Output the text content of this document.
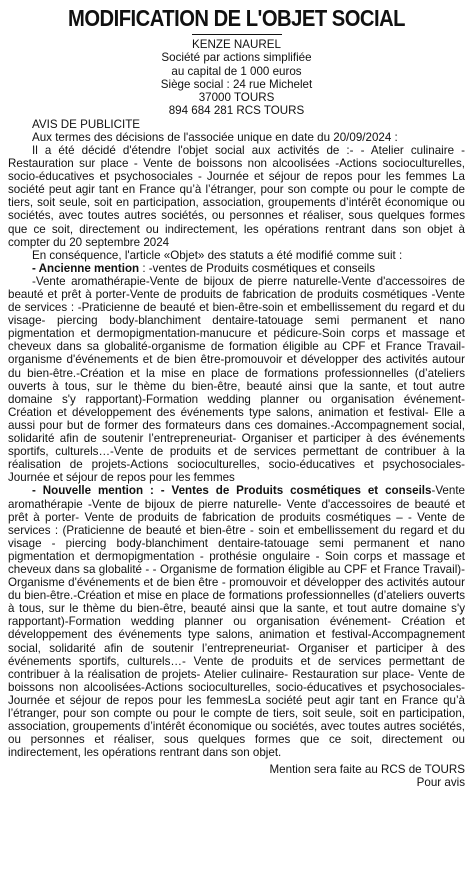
MODIFICATION DE L'OBJET SOCIAL
KENZE NAUREL
Société par actions simplifiée
au capital de 1 000 euros
Siège social : 24 rue Michelet
37000 TOURS
894 684 281 RCS TOURS
AVIS DE PUBLICITE

Aux termes des décisions de l'associée unique en date du 20/09/2024 :

Il a été décidé d'étendre l'objet social aux activités de :- - Atelier culinaire - Restauration sur place - Vente de boissons non alcoolisées -Actions socioculturelles, socio-éducatives et psychosociales - Journée et séjour de repos pour les femmes La société peut agir tant en France qu’à l’étranger, pour son compte ou pour le compte de tiers, soit seule, soit en participation, association, groupements d’intérêt économique ou sociétés, avec toutes autres sociétés, ou personnes et réaliser, sous quelques formes que ce soit, directement ou indirectement, les opérations rentrant dans son objet à compter du 20 septembre 2024

En conséquence, l'article «Objet» des statuts a été modifié comme suit :

- Ancienne mention : -ventes de Produits cosmétiques et conseils

-Vente aromathérapie-Vente de bijoux de pierre naturelle-Vente d'accessoires de beauté et prêt à porter-Vente de produits de fabrication de produits cosmétiques -Vente de services : -Praticienne de beauté et bien-être-soin et embellissement du regard et du visage- piercing body-blanchiment dentaire-tatouage semi permanent et nano pigmentation et dermopigmentation-manucure et pédicure-Soin corps et massage et cheveux dans sa globalité-organisme de formation éligible au CPF et France Travail-organisme d'événements et de bien être-promouvoir et développer des activités autour du bien-être.-Création et la mise en place de formations professionnelles (d’ateliers ouverts à tous, sur le thème du bien-être, beauté ainsi que la sante, et tout autre domaine s'y rapportant)-Formation wedding planner ou organisation événement- Création et développement des événements type salons, animation et festival- Elle a aussi pour but de former des formateurs dans ces domaines.-Accompagnement social, solidarité afin de soutenir l’entrepreneuriat- Organiser et participer à des événements sportifs, culturels…-Vente de produits et de services permettant de contribuer à la réalisation de projets-Actions socioculturelles, socio-éducatives et psychosociales- Journée et séjour de repos pour les femmes

- Nouvelle mention : - Ventes de Produits cosmétiques et conseils-Vente aromathérapie -Vente de bijoux de pierre naturelle- Vente d'accessoires de beauté et prêt à porter- Vente de produits de fabrication de produits cosmétiques – - Vente de services : (Praticienne de beauté et bien-être - soin et embellissement du regard et du visage - piercing body-blanchiment dentaire-tatouage semi permanent et nano pigmentation et dermopigmentation - prothésie ongulaire - Soin corps et massage et cheveux dans sa globalité - - Organisme de formation éligible au CPF et France Travail)-Organisme d'événements et de bien être - promouvoir et développer des activités autour du bien-être.-Création et mise en place de formations professionnelles (d’ateliers ouverts à tous, sur le thème du bien-être, beauté ainsi que la sante, et tout autre domaine s'y rapportant)-Formation wedding planner ou organisation événement- Création et développement des événements type salons, animation et festival-Accompagnement social, solidarité afin de soutenir l’entrepreneuriat- Organiser et participer à des événements sportifs, culturels…- Vente de produits et de services permettant de contribuer à la réalisation de projets- Atelier culinaire- Restauration sur place- Vente de boissons non alcoolisées-Actions socioculturelles, socio-éducatives et psychosociales- Journée et séjour de repos pour les femmesLa société peut agir tant en France qu’à l’étranger, pour son compte ou pour le compte de tiers, soit seule, soit en participation, association, groupements d’intérêt économique ou sociétés, avec toutes autres sociétés, ou personnes et réaliser, sous quelques formes que ce soit, directement ou indirectement, les opérations rentrant dans son objet.

Mention sera faite au RCS de TOURS
Pour avis
